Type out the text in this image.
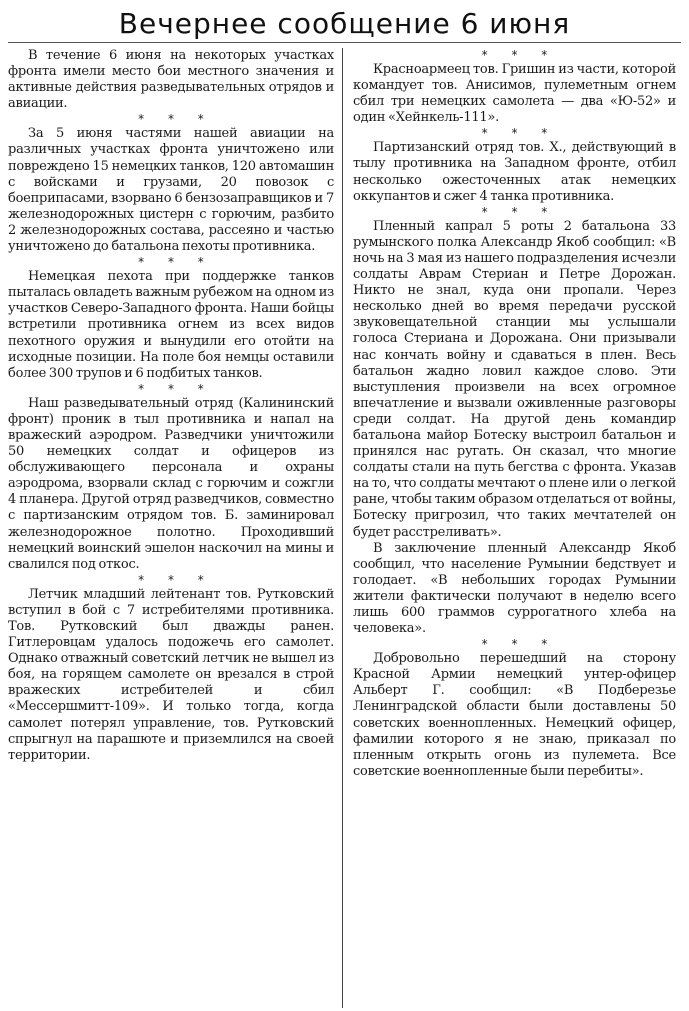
Вечернее сообщение 6 июня

В течение 6 июня на некоторых участках фронта имели место бои местного значения и активные действия разведывательных отрядов и авиации.

* * *

За 5 июня частями нашей авиации на различных участках фронта уничтожено или повреждено 15 немецких танков, 120 автомашин с войсками и грузами, 20 повозок с боеприпасами, взорвано 6 бензозаправщиков и 7 железнодорожных цистерн с горючим, разбито 2 железнодорожных состава, рассеяно и частью уничтожено до батальона пехоты противника.

* * *

Немецкая пехота при поддержке танков пыталась овладеть важным рубежом на одном из участков Северо-Западного фронта. Наши бойцы встретили противника огнем из всех видов пехотного оружия и вынудили его отойти на исходные позиции. На поле боя немцы оставили более 300 трупов и 6 подбитых танков.

* * *

Наш разведывательный отряд (Калининский фронт) проник в тыл противника и напал на вражеский аэродром. Разведчики уничтожили 50 немецких солдат и офицеров из обслуживающего персонала и охраны аэродрома, взорвали склад с горючим и сожгли 4 планера. Другой отряд разведчиков, совместно с партизанским отрядом тов. Б. заминировал железнодорожное полотно. Проходивший немецкий воинский эшелон наскочил на мины и свалился под откос.

* * *

Летчик младший лейтенант тов. Рутковский вступил в бой с 7 истребителями противника. Тов. Рутковский был дважды ранен. Гитлеровцам удалось подожечь его самолет. Однако отважный советский летчик не вышел из боя, на горящем самолете он врезался в строй вражеских истребителей и сбил «Мессершмитт-109». И только тогда, когда самолет потерял управление, тов. Рутковский спрыгнул на парашюте и приземлился на своей территории.

* * *

Красноармеец тов. Гришин из части, которой командует тов. Анисимов, пулеметным огнем сбил три немецких самолета — два «Ю-52» и один «Хейнкель-111».

* * *

Партизанский отряд тов. Х., действующий в тылу противника на Западном фронте, отбил несколько ожесточенных атак немецких оккупантов и сжег 4 танка противника.

* * *

Пленный капрал 5 роты 2 батальона 33 румынского полка Александр Якоб сообщил: «В ночь на 3 мая из нашего подразделения исчезли солдаты Аврам Стериан и Петре Дорожан. Никто не знал, куда они пропали. Через несколько дней во время передачи русской звуковещательной станции мы услышали голоса Стериана и Дорожана. Они призывали нас кончать войну и сдаваться в плен. Весь батальон жадно ловил каждое слово. Эти выступления произвели на всех огромное впечатление и вызвали оживленные разговоры среди солдат. На другой день командир батальона майор Ботеску выстроил батальон и принялся нас ругать. Он сказал, что многие солдаты стали на путь бегства с фронта. Указав на то, что солдаты мечтают о плене или о легкой ране, чтобы таким образом отделаться от войны, Ботеску пригрозил, что таких мечтателей он будет расстреливать».

В заключение пленный Александр Якоб сообщил, что население Румынии бедствует и голодает. «В небольших городах Румынии жители фактически получают в неделю всего лишь 600 граммов суррогатного хлеба на человека».

* * *

Добровольно перешедший на сторону Красной Армии немецкий унтер-офицер Альберт Г. сообщил: «В Подберезье Ленинградской области были доставлены 50 советских военнопленных. Немецкий офицер, фамилии которого я не знаю, приказал по пленным открыть огонь из пулемета. Все советские военнопленные были перебиты».
